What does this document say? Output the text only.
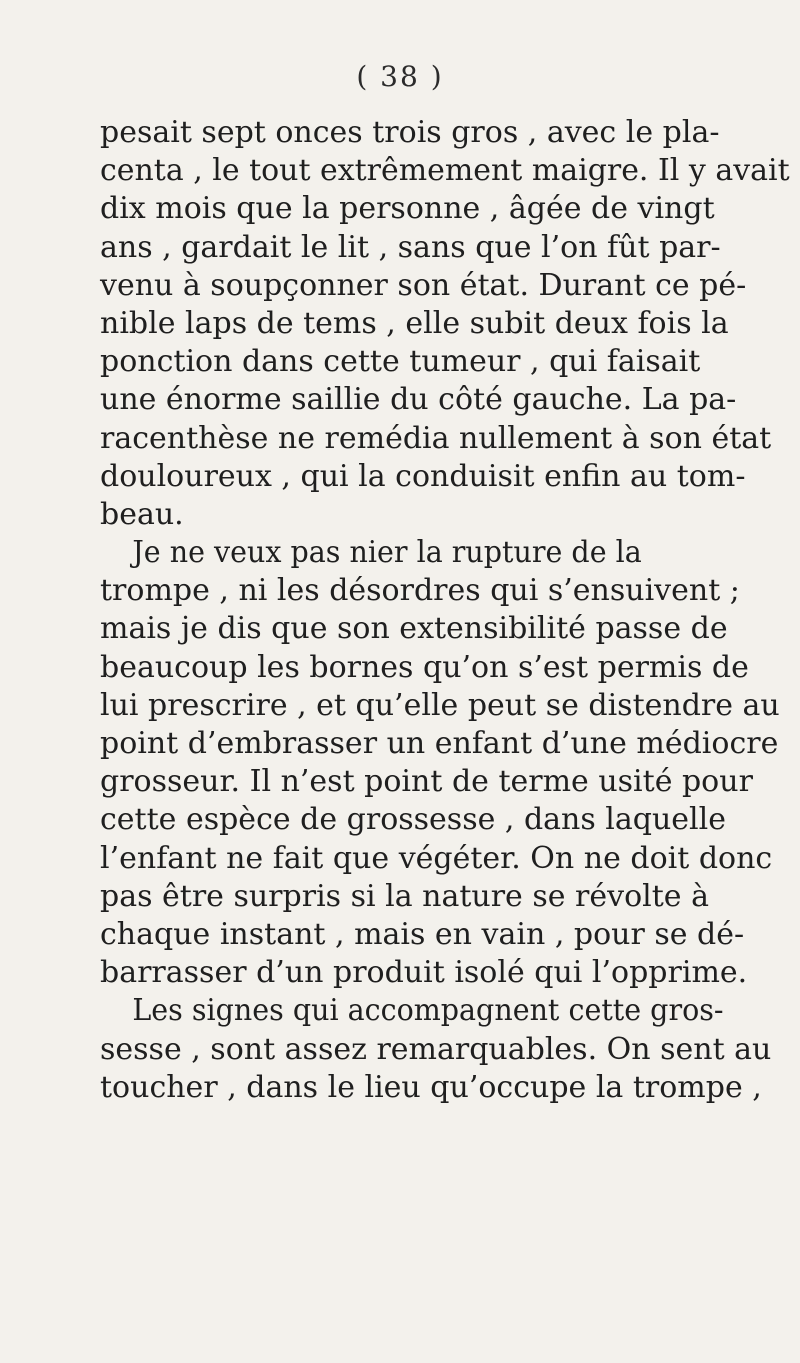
( 38 )
pesait sept onces trois gros , avec le pla-
centa , le tout extrêmement maigre. Il y avait
dix mois que la personne , âgée de vingt
ans , gardait le lit , sans que l’on fût par-
venu à soupçonner son état. Durant ce pé-
nible laps de tems , elle subit deux fois la
ponction dans cette tumeur , qui faisait
une énorme saillie du côté gauche. La pa-
racenthèse ne remédia nullement à son état
douloureux , qui la conduisit enfin au tom-
beau.
Je ne veux pas nier la rupture de la
trompe , ni les désordres qui s’ensuivent ;
mais je dis que son extensibilité passe de
beaucoup les bornes qu’on s’est permis de
lui prescrire , et qu’elle peut se distendre au
point d’embrasser un enfant d’une médiocre
grosseur. Il n’est point de terme usité pour
cette espèce de grossesse , dans laquelle
l’enfant ne fait que végéter. On ne doit donc
pas être surpris si la nature se révolte à
chaque instant , mais en vain , pour se dé-
barrasser d’un produit isolé qui l’opprime.
Les signes qui accompagnent cette gros-
sesse , sont assez remarquables. On sent au
toucher , dans le lieu qu’occupe la trompe ,
